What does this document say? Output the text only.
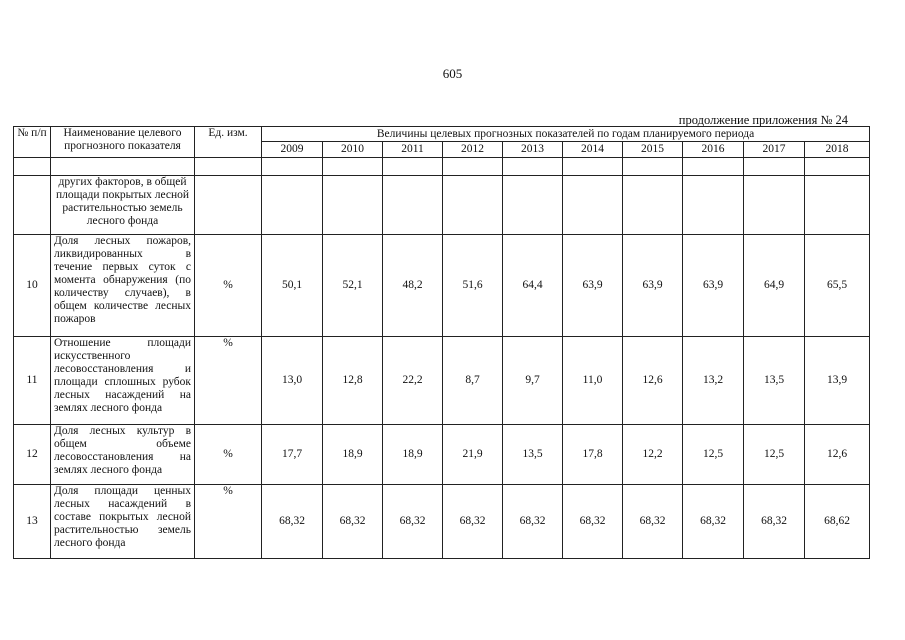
605
продолжение приложения № 24
№ п/п	Наименование целевого прогнозного показателя	Ед. изм.	Величины целевых прогнозных показателей по годам планируемого периода									
			2009	2010	2011	2012	2013	2014	2015	2016	2017	2018

	других факторов, в общей площади покрытых лесной растительностью земель лесного фонда											
10	Доля лесных пожаров, ликвидированных в течение первых суток с момента обнаружения (по количеству случаев), в общем количестве лесных пожаров	%	50,1	52,1	48,2	51,6	64,4	63,9	63,9	63,9	64,9	65,5
11	Отношение площади искусственного лесовосстановления и площади сплошных рубок лесных насаждений на землях лесного фонда	%	13,0	12,8	22,2	8,7	9,7	11,0	12,6	13,2	13,5	13,9
12	Доля лесных культур в общем объеме лесовосстановления на землях лесного фонда	%	17,7	18,9	18,9	21,9	13,5	17,8	12,2	12,5	12,5	12,6
13	Доля площади ценных лесных насаждений в составе покрытых лесной растительностью земель лесного фонда	%	68,32	68,32	68,32	68,32	68,32	68,32	68,32	68,32	68,32	68,62
